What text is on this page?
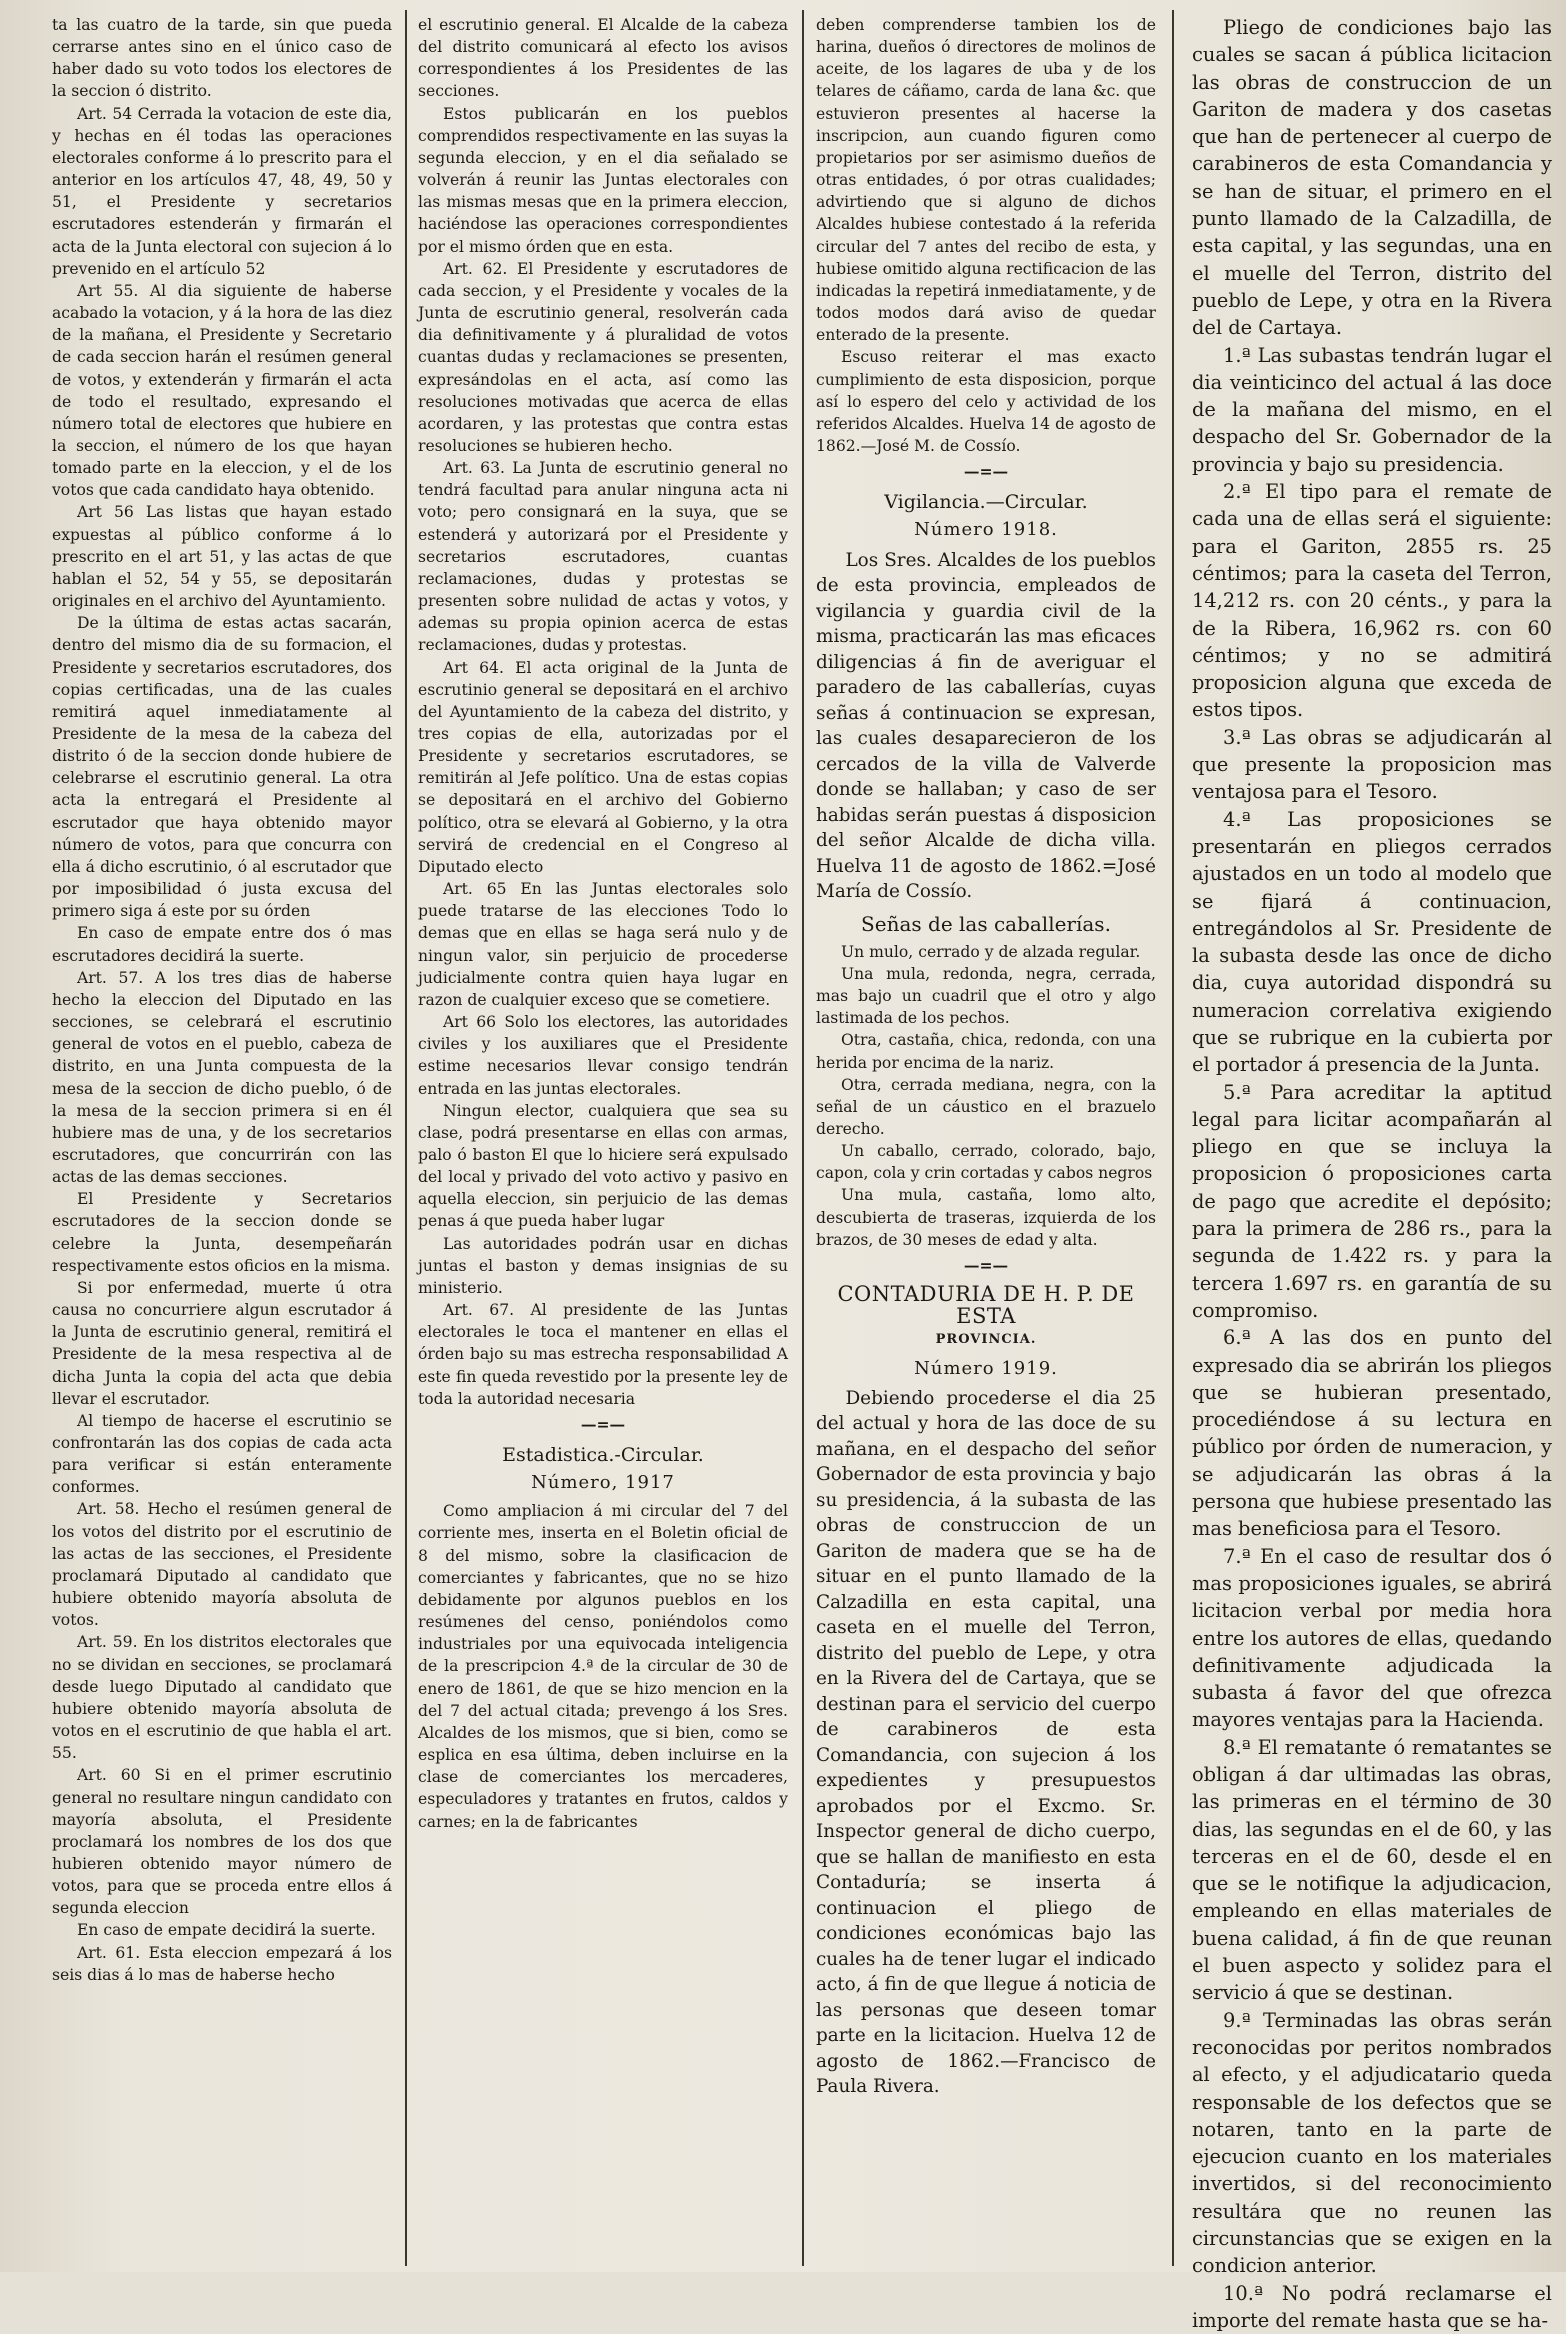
ta las cuatro de la tarde, sin que pueda cerrarse antes sino en el único caso de haber dado su voto todos los electores de la seccion ó distrito.

Art. 54 Cerrada la votacion de este dia, y hechas en él todas las operaciones electorales conforme á lo prescrito para el anterior en los artículos 47, 48, 49, 50 y 51, el Presidente y secretarios escrutadores estenderán y firmarán el acta de la Junta electoral con sujecion á lo prevenido en el artículo 52

Art 55. Al dia siguiente de haberse acabado la votacion, y á la hora de las diez de la mañana, el Presidente y Secretario de cada seccion harán el resúmen general de votos, y extenderán y firmarán el acta de todo el resultado, expresando el número total de electores que hubiere en la seccion, el número de los que hayan tomado parte en la eleccion, y el de los votos que cada candidato haya obtenido.

Art 56 Las listas que hayan estado expuestas al público conforme á lo prescrito en el art 51, y las actas de que hablan el 52, 54 y 55, se depositarán originales en el archivo del Ayuntamiento.

De la última de estas actas sacarán, dentro del mismo dia de su formacion, el Presidente y secretarios escrutadores, dos copias certificadas, una de las cuales remitirá aquel inmediatamente al Presidente de la mesa de la cabeza del distrito ó de la seccion donde hubiere de celebrarse el escrutinio general. La otra acta la entregará el Presidente al escrutador que haya obtenido mayor número de votos, para que concurra con ella á dicho escrutinio, ó al escrutador que por imposibilidad ó justa excusa del primero siga á este por su órden

En caso de empate entre dos ó mas escrutadores decidirá la suerte.

Art. 57. A los tres dias de haberse hecho la eleccion del Diputado en las secciones, se celebrará el escrutinio general de votos en el pueblo, cabeza de distrito, en una Junta compuesta de la mesa de la seccion de dicho pueblo, ó de la mesa de la seccion primera si en él hubiere mas de una, y de los secretarios escrutadores, que concurrirán con las actas de las demas secciones.

El Presidente y Secretarios escrutadores de la seccion donde se celebre la Junta, desempeñarán respectivamente estos oficios en la misma.

Si por enfermedad, muerte ú otra causa no concurriere algun escrutador á la Junta de escrutinio general, remitirá el Presidente de la mesa respectiva al de dicha Junta la copia del acta que debia llevar el escrutador.

Al tiempo de hacerse el escrutinio se confrontarán las dos copias de cada acta para verificar si están enteramente conformes.

Art. 58. Hecho el resúmen general de los votos del distrito por el escrutinio de las actas de las secciones, el Presidente proclamará Diputado al candidato que hubiere obtenido mayoría absoluta de votos.

Art. 59. En los distritos electorales que no se dividan en secciones, se proclamará desde luego Diputado al candidato que hubiere obtenido mayoría absoluta de votos en el escrutinio de que habla el art. 55.

Art. 60 Si en el primer escrutinio general no resultare ningun candidato con mayoría absoluta, el Presidente proclamará los nombres de los dos que hubieren obtenido mayor número de votos, para que se proceda entre ellos á segunda eleccion

En caso de empate decidirá la suerte.

Art. 61. Esta eleccion empezará á los seis dias á lo mas de haberse hecho

el escrutinio general. El Alcalde de la cabeza del distrito comunicará al efecto los avisos correspondientes á los Presidentes de las secciones.

Estos publicarán en los pueblos comprendidos respectivamente en las suyas la segunda eleccion, y en el dia señalado se volverán á reunir las Juntas electorales con las mismas mesas que en la primera eleccion, haciéndose las operaciones correspondientes por el mismo órden que en esta.

Art. 62. El Presidente y escrutadores de cada seccion, y el Presidente y vocales de la Junta de escrutinio general, resolverán cada dia definitivamente y á pluralidad de votos cuantas dudas y reclamaciones se presenten, expresándolas en el acta, así como las resoluciones motivadas que acerca de ellas acordaren, y las protestas que contra estas resoluciones se hubieren hecho.

Art. 63. La Junta de escrutinio general no tendrá facultad para anular ninguna acta ni voto; pero consignará en la suya, que se estenderá y autorizará por el Presidente y secretarios escrutadores, cuantas reclamaciones, dudas y protestas se presenten sobre nulidad de actas y votos, y ademas su propia opinion acerca de estas reclamaciones, dudas y protestas.

Art 64. El acta original de la Junta de escrutinio general se depositará en el archivo del Ayuntamiento de la cabeza del distrito, y tres copias de ella, autorizadas por el Presidente y secretarios escrutadores, se remitirán al Jefe político. Una de estas copias se depositará en el archivo del Gobierno político, otra se elevará al Gobierno, y la otra servirá de credencial en el Congreso al Diputado electo

Art. 65 En las Juntas electorales solo puede tratarse de las elecciones Todo lo demas que en ellas se haga será nulo y de ningun valor, sin perjuicio de procederse judicialmente contra quien haya lugar en razon de cualquier exceso que se cometiere.

Art 66 Solo los electores, las autoridades civiles y los auxiliares que el Presidente estime necesarios llevar consigo tendrán entrada en las juntas electorales.

Ningun elector, cualquiera que sea su clase, podrá presentarse en ellas con armas, palo ó baston El que lo hiciere será expulsado del local y privado del voto activo y pasivo en aquella eleccion, sin perjuicio de las demas penas á que pueda haber lugar

Las autoridades podrán usar en dichas juntas el baston y demas insignias de su ministerio.

Art. 67. Al presidente de las Juntas electorales le toca el mantener en ellas el órden bajo su mas estrecha responsabilidad A este fin queda revestido por la presente ley de toda la autoridad necesaria

—=—

Estadistica.-Circular.

Número, 1917

Como ampliacion á mi circular del 7 del corriente mes, inserta en el Boletin oficial de 8 del mismo, sobre la clasificacion de comerciantes y fabricantes, que no se hizo debidamente por algunos pueblos en los resúmenes del censo, poniéndolos como industriales por una equivocada inteligencia de la prescripcion 4.ª de la circular de 30 de enero de 1861, de que se hizo mencion en la del 7 del actual citada; prevengo á los Sres. Alcaldes de los mismos, que si bien, como se esplica en esa última, deben incluirse en la clase de comerciantes los mercaderes, especuladores y tratantes en frutos, caldos y carnes; en la de fabricantes

deben comprenderse tambien los de harina, dueños ó directores de molinos de aceite, de los lagares de uba y de los telares de cáñamo, carda de lana &c. que estuvieron presentes al hacerse la inscripcion, aun cuando figuren como propietarios por ser asimismo dueños de otras entidades, ó por otras cualidades; advirtiendo que si alguno de dichos Alcaldes hubiese contestado á la referida circular del 7 antes del recibo de esta, y hubiese omitido alguna rectificacion de las indicadas la repetirá inmediatamente, y de todos modos dará aviso de quedar enterado de la presente.

Escuso reiterar el mas exacto cumplimiento de esta disposicion, porque así lo espero del celo y actividad de los referidos Alcaldes. Huelva 14 de agosto de 1862.—José M. de Cossío.

—=—

Vigilancia.—Circular.

Número 1918.

Los Sres. Alcaldes de los pueblos de esta provincia, empleados de vigilancia y guardia civil de la misma, practicarán las mas eficaces diligencias á fin de averiguar el paradero de las caballerías, cuyas señas á continuacion se expresan, las cuales desaparecieron de los cercados de la villa de Valverde donde se hallaban; y caso de ser habidas serán puestas á disposicion del señor Alcalde de dicha villa. Huelva 11 de agosto de 1862.=José María de Cossío.

Señas de las caballerías.

Un mulo, cerrado y de alzada regular.

Una mula, redonda, negra, cerrada, mas bajo un cuadril que el otro y algo lastimada de los pechos.

Otra, castaña, chica, redonda, con una herida por encima de la nariz.

Otra, cerrada mediana, negra, con la señal de un cáustico en el brazuelo derecho.

Un caballo, cerrado, colorado, bajo, capon, cola y crin cortadas y cabos negros

Una mula, castaña, lomo alto, descubierta de traseras, izquierda de los brazos, de 30 meses de edad y alta.

—=—

CONTADURIA DE H. P. DE ESTA

PROVINCIA.

Número 1919.

Debiendo procederse el dia 25 del actual y hora de las doce de su mañana, en el despacho del señor Gobernador de esta provincia y bajo su presidencia, á la subasta de las obras de construccion de un Gariton de madera que se ha de situar en el punto llamado de la Calzadilla en esta capital, una caseta en el muelle del Terron, distrito del pueblo de Lepe, y otra en la Rivera del de Cartaya, que se destinan para el servicio del cuerpo de carabineros de esta Comandancia, con sujecion á los expedientes y presupuestos aprobados por el Excmo. Sr. Inspector general de dicho cuerpo, que se hallan de manifiesto en esta Contaduría; se inserta á continuacion el pliego de condiciones económicas bajo las cuales ha de tener lugar el indicado acto, á fin de que llegue á noticia de las personas que deseen tomar parte en la licitacion. Huelva 12 de agosto de 1862.—Francisco de Paula Rivera.

Pliego de condiciones bajo las cuales se sacan á pública licitacion las obras de construccion de un Gariton de madera y dos casetas que han de pertenecer al cuerpo de carabineros de esta Comandancia y se han de situar, el primero en el punto llamado de la Calzadilla, de esta capital, y las segundas, una en el muelle del Terron, distrito del pueblo de Lepe, y otra en la Rivera del de Cartaya.

1.ª Las subastas tendrán lugar el dia veinticinco del actual á las doce de la mañana del mismo, en el despacho del Sr. Gobernador de la provincia y bajo su presidencia.

2.ª El tipo para el remate de cada una de ellas será el siguiente: para el Gariton, 2855 rs. 25 céntimos; para la caseta del Terron, 14,212 rs. con 20 cénts., y para la de la Ribera, 16,962 rs. con 60 céntimos; y no se admitirá proposicion alguna que exceda de estos tipos.

3.ª Las obras se adjudicarán al que presente la proposicion mas ventajosa para el Tesoro.

4.ª Las proposiciones se presentarán en pliegos cerrados ajustados en un todo al modelo que se fijará á continuacion, entregándolos al Sr. Presidente de la subasta desde las once de dicho dia, cuya autoridad dispondrá su numeracion correlativa exigiendo que se rubrique en la cubierta por el portador á presencia de la Junta.

5.ª Para acreditar la aptitud legal para licitar acompañarán al pliego en que se incluya la proposicion ó proposiciones carta de pago que acredite el depósito; para la primera de 286 rs., para la segunda de 1.422 rs. y para la tercera 1.697 rs. en garantía de su compromiso.

6.ª A las dos en punto del expresado dia se abrirán los pliegos que se hubieran presentado, procediéndose á su lectura en público por órden de numeracion, y se adjudicarán las obras á la persona que hubiese presentado las mas beneficiosa para el Tesoro.

7.ª En el caso de resultar dos ó mas proposiciones iguales, se abrirá licitacion verbal por media hora entre los autores de ellas, quedando definitivamente adjudicada la subasta á favor del que ofrezca mayores ventajas para la Hacienda.

8.ª El rematante ó rematantes se obligan á dar ultimadas las obras, las primeras en el término de 30 dias, las segundas en el de 60, y las terceras en el de 60, desde el en que se le notifique la adjudicacion, empleando en ellas materiales de buena calidad, á fin de que reunan el buen aspecto y solidez para el servicio á que se destinan.

9.ª Terminadas las obras serán reconocidas por peritos nombrados al efecto, y el adjudicatario queda responsable de los defectos que se notaren, tanto en la parte de ejecucion cuanto en los materiales invertidos, si del reconocimiento resultára que no reunen las circunstancias que se exigen en la condicion anterior.

10.ª No podrá reclamarse el importe del remate hasta que se ha-
